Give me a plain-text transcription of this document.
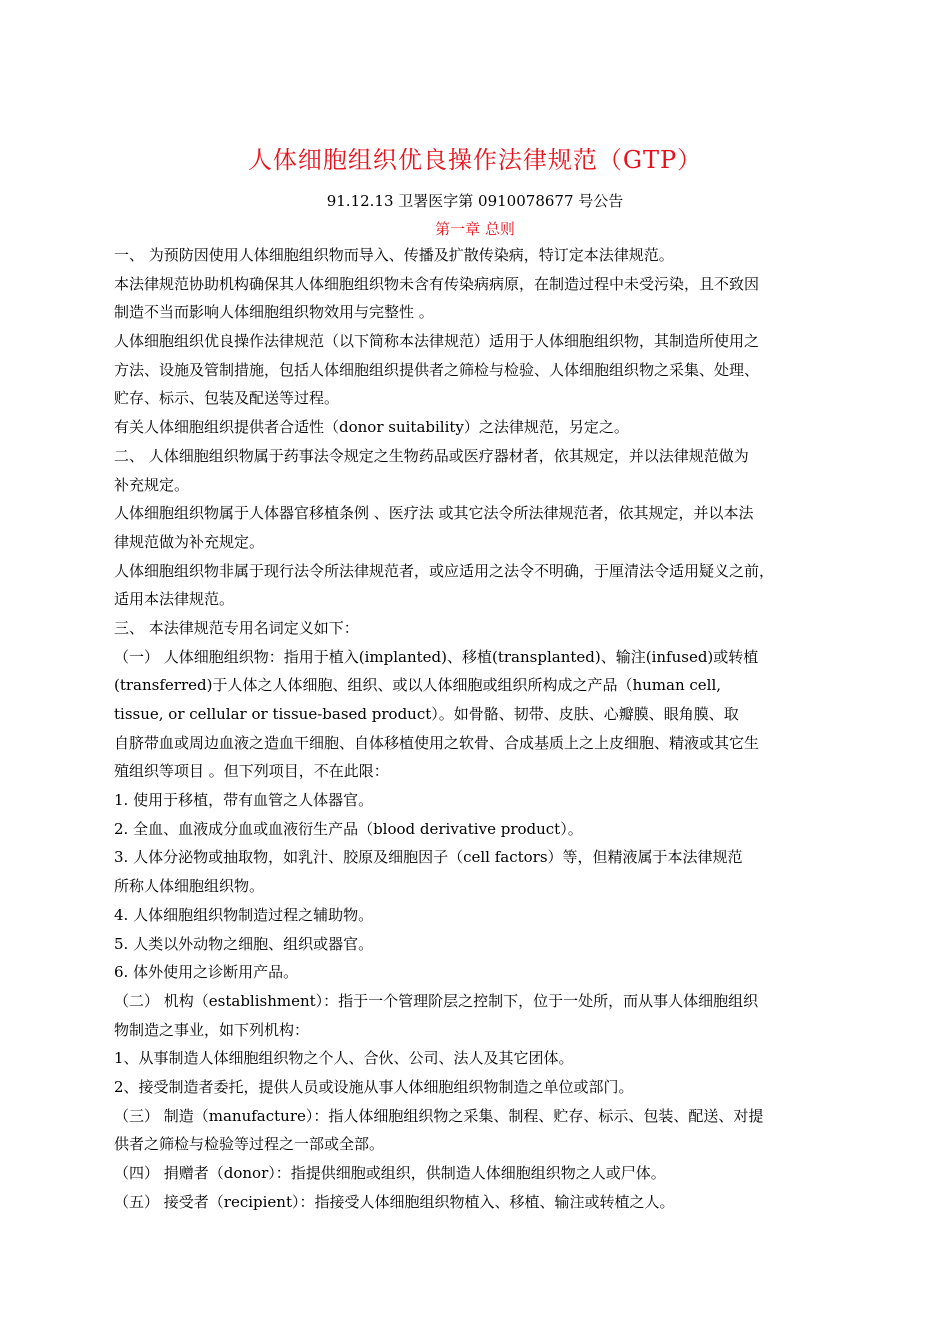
人体细胞组织优良操作法律规范（GTP）
91.12.13 卫署医字第 0910078677 号公告
第一章 总则
一、 为预防因使用人体细胞组织物而导入、传播及扩散传染病，特订定本法律规范。
本法律规范协助机构确保其人体细胞组织物未含有传染病病原，在制造过程中未受污染，且不致因
制造不当而影响人体细胞组织物效用与完整性 。
人体细胞组织优良操作法律规范（以下简称本法律规范）适用于人体细胞组织物，其制造所使用之
方法、设施及管制措施，包括人体细胞组织提供者之筛检与检验、人体细胞组织物之采集、处理、
贮存、标示、包装及配送等过程。
有关人体细胞组织提供者合适性（donor suitability）之法律规范，另定之。
二、 人体细胞组织物属于药事法令规定之生物药品或医疗器材者，依其规定，并以法律规范做为
补充规定。
人体细胞组织物属于人体器官移植条例 、医疗法 或其它法令所法律规范者，依其规定，并以本法
律规范做为补充规定。
人体细胞组织物非属于现行法令所法律规范者，或应适用之法令不明确，于厘清法令适用疑义之前，
适用本法律规范。
三、 本法律规范专用名词定义如下：
（一） 人体细胞组织物：指用于植入(implanted)、移植(transplanted)、输注(infused)或转植
(transferred)于人体之人体细胞、组织、或以人体细胞或组织所构成之产品（human cell,
tissue, or cellular or tissue-based product）。如骨骼、韧带、皮肤、心瓣膜、眼角膜、取
自脐带血或周边血液之造血干细胞、自体移植使用之软骨、合成基质上之上皮细胞、精液或其它生
殖组织等项目 。但下列项目，不在此限：
1. 使用于移植，带有血管之人体器官。
2. 全血、血液成分血或血液衍生产品（blood derivative product）。
3. 人体分泌物或抽取物，如乳汁、胶原及细胞因子（cell factors）等，但精液属于本法律规范
所称人体细胞组织物。
4. 人体细胞组织物制造过程之辅助物。
5. 人类以外动物之细胞、组织或器官。
6. 体外使用之诊断用产品。
（二） 机构（establishment）：指于一个管理阶层之控制下，位于一处所，而从事人体细胞组织
物制造之事业，如下列机构：
1、从事制造人体细胞组织物之个人、合伙、公司、法人及其它团体。
2、接受制造者委托，提供人员或设施从事人体细胞组织物制造之单位或部门。
（三） 制造（manufacture）：指人体细胞组织物之采集、制程、贮存、标示、包装、配送、对提
供者之筛检与检验等过程之一部或全部。
（四） 捐赠者（donor）：指提供细胞或组织，供制造人体细胞组织物之人或尸体。
（五） 接受者（recipient）：指接受人体细胞组织物植入、移植、输注或转植之人。
